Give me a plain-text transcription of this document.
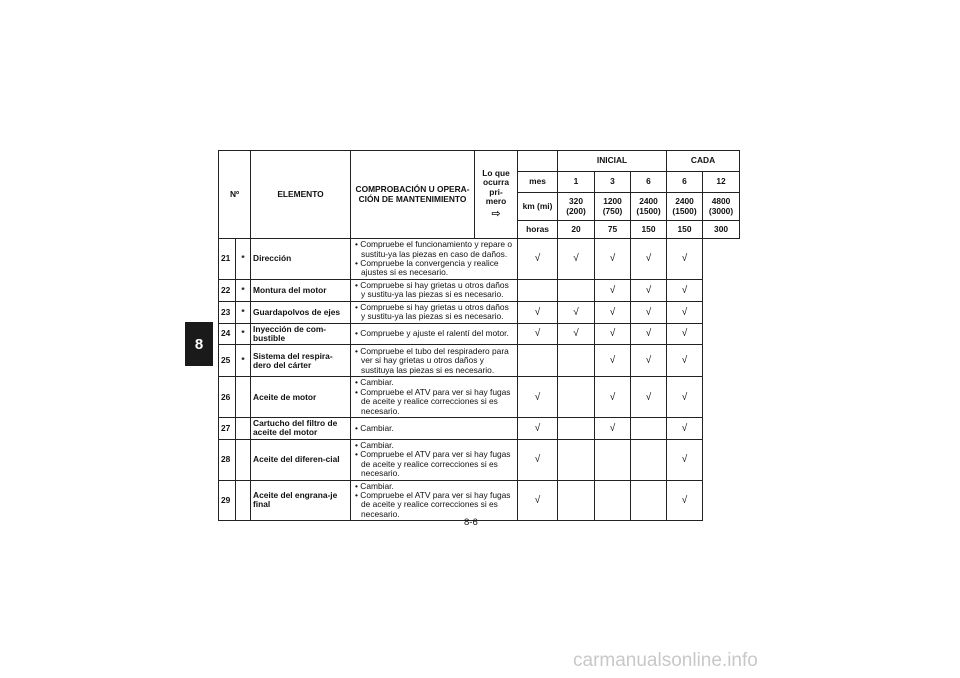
8
Nº		ELEMENTO	COMPROBACIÓN U OPERA-CIÓN DE MANTENIMIENTO	Lo que
ocurra pri-
mero
⇨		INICIAL			CADA	
					mes	1	3	6	6	12
					km (mi)	320 (200)	1200 (750)	2400 (1500)	2400 (1500)	4800 (3000)
					horas	20	75	150	150	300
21	*	Dirección	• Compruebe el funcionamiento y repare o sustitu-ya las piezas en caso de daños.
• Compruebe la convergencia y realice ajustes si es necesario.		√	√	√	√	√	
22	*	Montura del motor	• Compruebe si hay grietas u otros daños y sustitu-ya las piezas si es necesario.				√	√	√	
23	*	Guardapolvos de ejes	• Compruebe si hay grietas u otros daños y sustitu-ya las piezas si es necesario.		√	√	√	√	√	
24	*	Inyección de com-bustible	• Compruebe y ajuste el ralentí del motor.		√	√	√	√	√	
25	*	Sistema del respira-dero del cárter	• Compruebe el tubo del respiradero para ver si hay grietas u otros daños y sustituya las piezas si es necesario.				√	√	√	
26		Aceite de motor	• Cambiar.
• Compruebe el ATV para ver si hay fugas de aceite y realice correcciones si es necesario.		√		√	√	√	
27		Cartucho del filtro de aceite del motor	• Cambiar.		√		√		√	
28		Aceite del diferen-cial	• Cambiar.
• Compruebe el ATV para ver si hay fugas de aceite y realice correcciones si es necesario.		√				√	
29		Aceite del engrana-je final	• Cambiar.
• Compruebe el ATV para ver si hay fugas de aceite y realice correcciones si es necesario.		√				√	
8-6
carmanualsonline.info
